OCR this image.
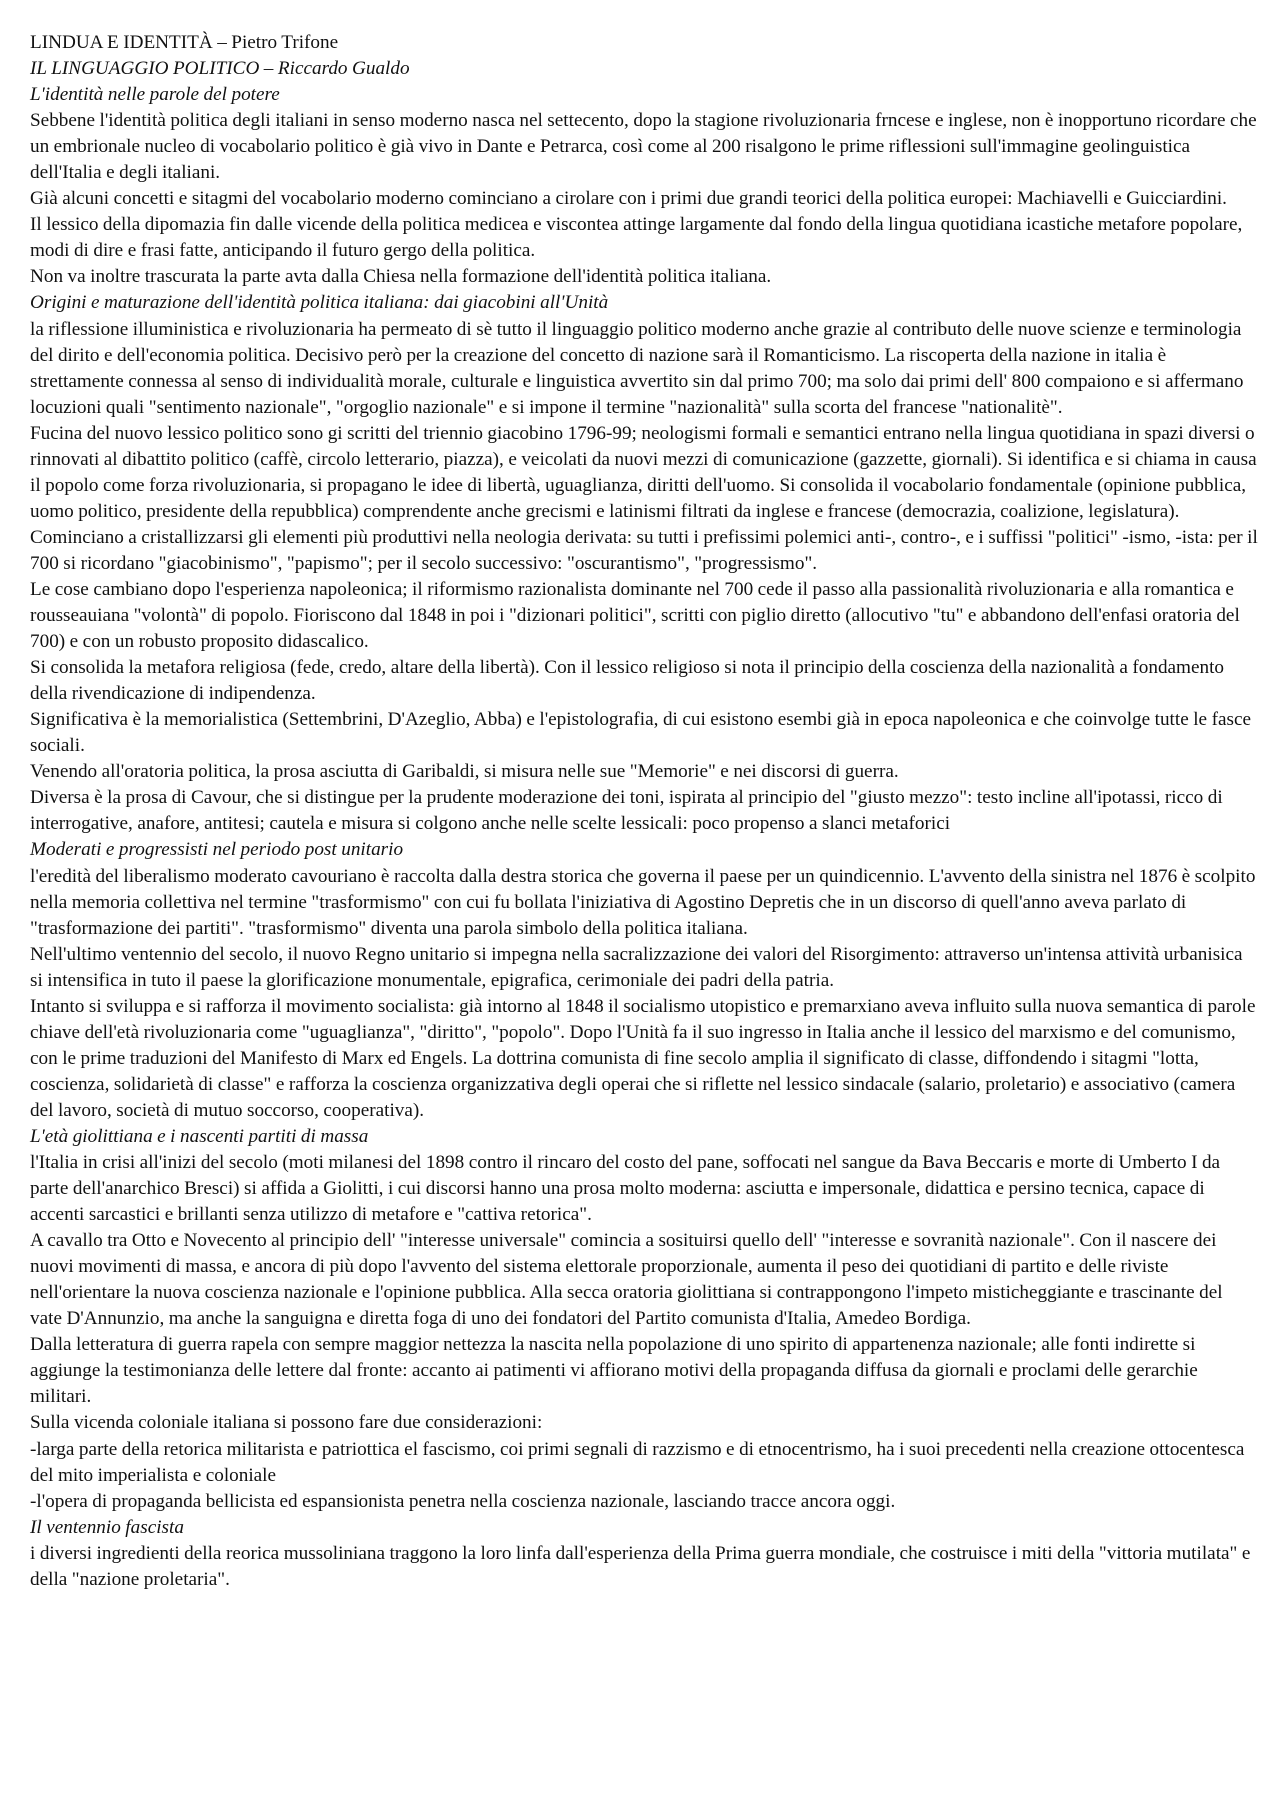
LINDUA E IDENTITÀ – Pietro Trifone

IL LINGUAGGIO POLITICO – Riccardo Gualdo

L'identità nelle parole del potere

Sebbene l'identità politica degli italiani in senso moderno nasca nel settecento, dopo la stagione rivoluzionaria frncese e inglese, non è inopportuno ricordare che un embrionale nucleo di vocabolario politico è già vivo in Dante e Petrarca, così come al 200 risalgono le prime riflessioni sull'immagine geolinguistica dell'Italia e degli italiani.

Già alcuni concetti e sitagmi del vocabolario moderno cominciano a cirolare con i primi due grandi teorici della politica europei: Machiavelli e Guicciardini.

Il lessico della dipomazia fin dalle vicende della politica medicea e viscontea attinge largamente dal fondo della lingua quotidiana icastiche metafore popolare, modi di dire e frasi fatte, anticipando il futuro gergo della politica.

Non va inoltre trascurata la parte avta dalla Chiesa nella formazione dell'identità politica italiana.

Origini e maturazione dell'identità politica italiana: dai giacobini all'Unità

la riflessione illuministica e rivoluzionaria ha permeato di sè tutto il linguaggio politico moderno anche grazie al contributo delle nuove scienze e terminologia del dirito e dell'economia politica. Decisivo però per la creazione del concetto di nazione sarà il Romanticismo. La riscoperta della nazione in italia è strettamente connessa al senso di individualità morale, culturale e linguistica avvertito sin dal primo 700; ma solo dai primi dell' 800 compaiono e si affermano locuzioni quali "sentimento nazionale", "orgoglio nazionale" e si impone il termine "nazionalità" sulla scorta del francese "nationalitè".

Fucina del nuovo lessico politico sono gi scritti del triennio giacobino 1796-99; neologismi formali e semantici entrano nella lingua quotidiana in spazi diversi o rinnovati al dibattito politico (caffè, circolo letterario, piazza), e veicolati da nuovi mezzi di comunicazione (gazzette, giornali). Si identifica e si chiama in causa il popolo come forza rivoluzionaria, si propagano le idee di libertà, uguaglianza, diritti dell'uomo. Si consolida il vocabolario fondamentale (opinione pubblica, uomo politico, presidente della repubblica) comprendente anche grecismi e latinismi filtrati da inglese e francese (democrazia, coalizione, legislatura). Cominciano a cristallizzarsi gli elementi più produttivi nella neologia derivata: su tutti i prefissimi polemici anti-, contro-, e i suffissi "politici" -ismo, -ista: per il 700 si ricordano "giacobinismo", "papismo"; per il secolo successivo: "oscurantismo", "progressismo".

Le cose cambiano dopo l'esperienza napoleonica; il riformismo razionalista dominante nel 700 cede il passo alla passionalità rivoluzionaria e alla romantica e rousseauiana "volontà" di popolo. Fioriscono dal 1848 in poi i "dizionari politici", scritti con piglio diretto (allocutivo "tu" e abbandono dell'enfasi oratoria del 700) e con un robusto proposito didascalico.

Si consolida la metafora religiosa (fede, credo, altare della libertà). Con il lessico religioso si nota il principio della coscienza della nazionalità a fondamento della rivendicazione di indipendenza.

Significativa è la memorialistica (Settembrini, D'Azeglio, Abba) e l'epistolografia, di cui esistono esembi già in epoca napoleonica e che coinvolge tutte le fasce sociali.

Venendo all'oratoria politica, la prosa asciutta di Garibaldi, si misura nelle sue "Memorie" e nei discorsi di guerra.

Diversa è la prosa di Cavour, che si distingue per la prudente moderazione dei toni, ispirata al principio del "giusto mezzo": testo incline all'ipotassi, ricco di interrogative, anafore, antitesi; cautela e misura si colgono anche nelle scelte lessicali: poco propenso a slanci metaforici

Moderati e progressisti nel periodo post unitario

l'eredità del liberalismo moderato cavouriano è raccolta dalla destra storica che governa il paese per un quindicennio. L'avvento della sinistra nel 1876 è scolpito nella memoria collettiva nel termine "trasformismo" con cui fu bollata l'iniziativa di Agostino Depretis che in un discorso di quell'anno aveva parlato di "trasformazione dei partiti". "trasformismo" diventa una parola simbolo della politica italiana.

Nell'ultimo ventennio del secolo, il nuovo Regno unitario si impegna nella sacralizzazione dei valori del Risorgimento: attraverso un'intensa attività urbanisica si intensifica in tuto il paese la glorificazione monumentale, epigrafica, cerimoniale dei padri della patria.

Intanto si sviluppa e si rafforza il movimento socialista: già intorno al 1848 il socialismo utopistico e premarxiano aveva influito sulla nuova semantica di parole chiave dell'età rivoluzionaria come "uguaglianza", "diritto", "popolo". Dopo l'Unità fa il suo ingresso in Italia anche il lessico del marxismo e del comunismo, con le prime traduzioni del Manifesto di Marx ed Engels. La dottrina comunista di fine secolo amplia il significato di classe, diffondendo i sitagmi "lotta, coscienza, solidarietà di classe" e rafforza la coscienza organizzativa degli operai che si riflette nel lessico sindacale (salario, proletario) e associativo (camera del lavoro, società di mutuo soccorso, cooperativa).

L'età giolittiana e i nascenti partiti di massa

l'Italia in crisi all'inizi del secolo (moti milanesi del 1898 contro il rincaro del costo del pane, soffocati nel sangue da Bava Beccaris e morte di Umberto I da parte dell'anarchico Bresci) si affida a Giolitti, i cui discorsi hanno una prosa molto moderna: asciutta e impersonale, didattica e persino tecnica, capace di accenti sarcastici e brillanti senza utilizzo di metafore e "cattiva retorica".

A cavallo tra Otto e Novecento al principio dell' "interesse universale" comincia a sosituirsi quello dell' "interesse e sovranità nazionale". Con il nascere dei nuovi movimenti di massa, e ancora di più dopo l'avvento del sistema elettorale proporzionale, aumenta il peso dei quotidiani di partito e delle riviste nell'orientare la nuova coscienza nazionale e l'opinione pubblica. Alla secca oratoria giolittiana si contrappongono l'impeto misticheggiante e trascinante del vate D'Annunzio, ma anche la sanguigna e diretta foga di uno dei fondatori del Partito comunista d'Italia, Amedeo Bordiga.

Dalla letteratura di guerra rapela con sempre maggior nettezza la nascita nella popolazione di uno spirito di appartenenza nazionale; alle fonti indirette si aggiunge la testimonianza delle lettere dal fronte: accanto ai patimenti vi affiorano motivi della propaganda diffusa da giornali e proclami delle gerarchie militari.

Sulla vicenda coloniale italiana si possono fare due considerazioni:

-larga parte della retorica militarista e patriottica el fascismo, coi primi segnali di razzismo e di etnocentrismo, ha i suoi precedenti nella creazione ottocentesca del mito imperialista e coloniale

-l'opera di propaganda bellicista ed espansionista penetra nella coscienza nazionale, lasciando tracce ancora oggi.

Il ventennio fascista

i diversi ingredienti della reorica mussoliniana traggono la loro linfa dall'esperienza della Prima guerra mondiale, che costruisce i miti della "vittoria mutilata" e della "nazione proletaria".
